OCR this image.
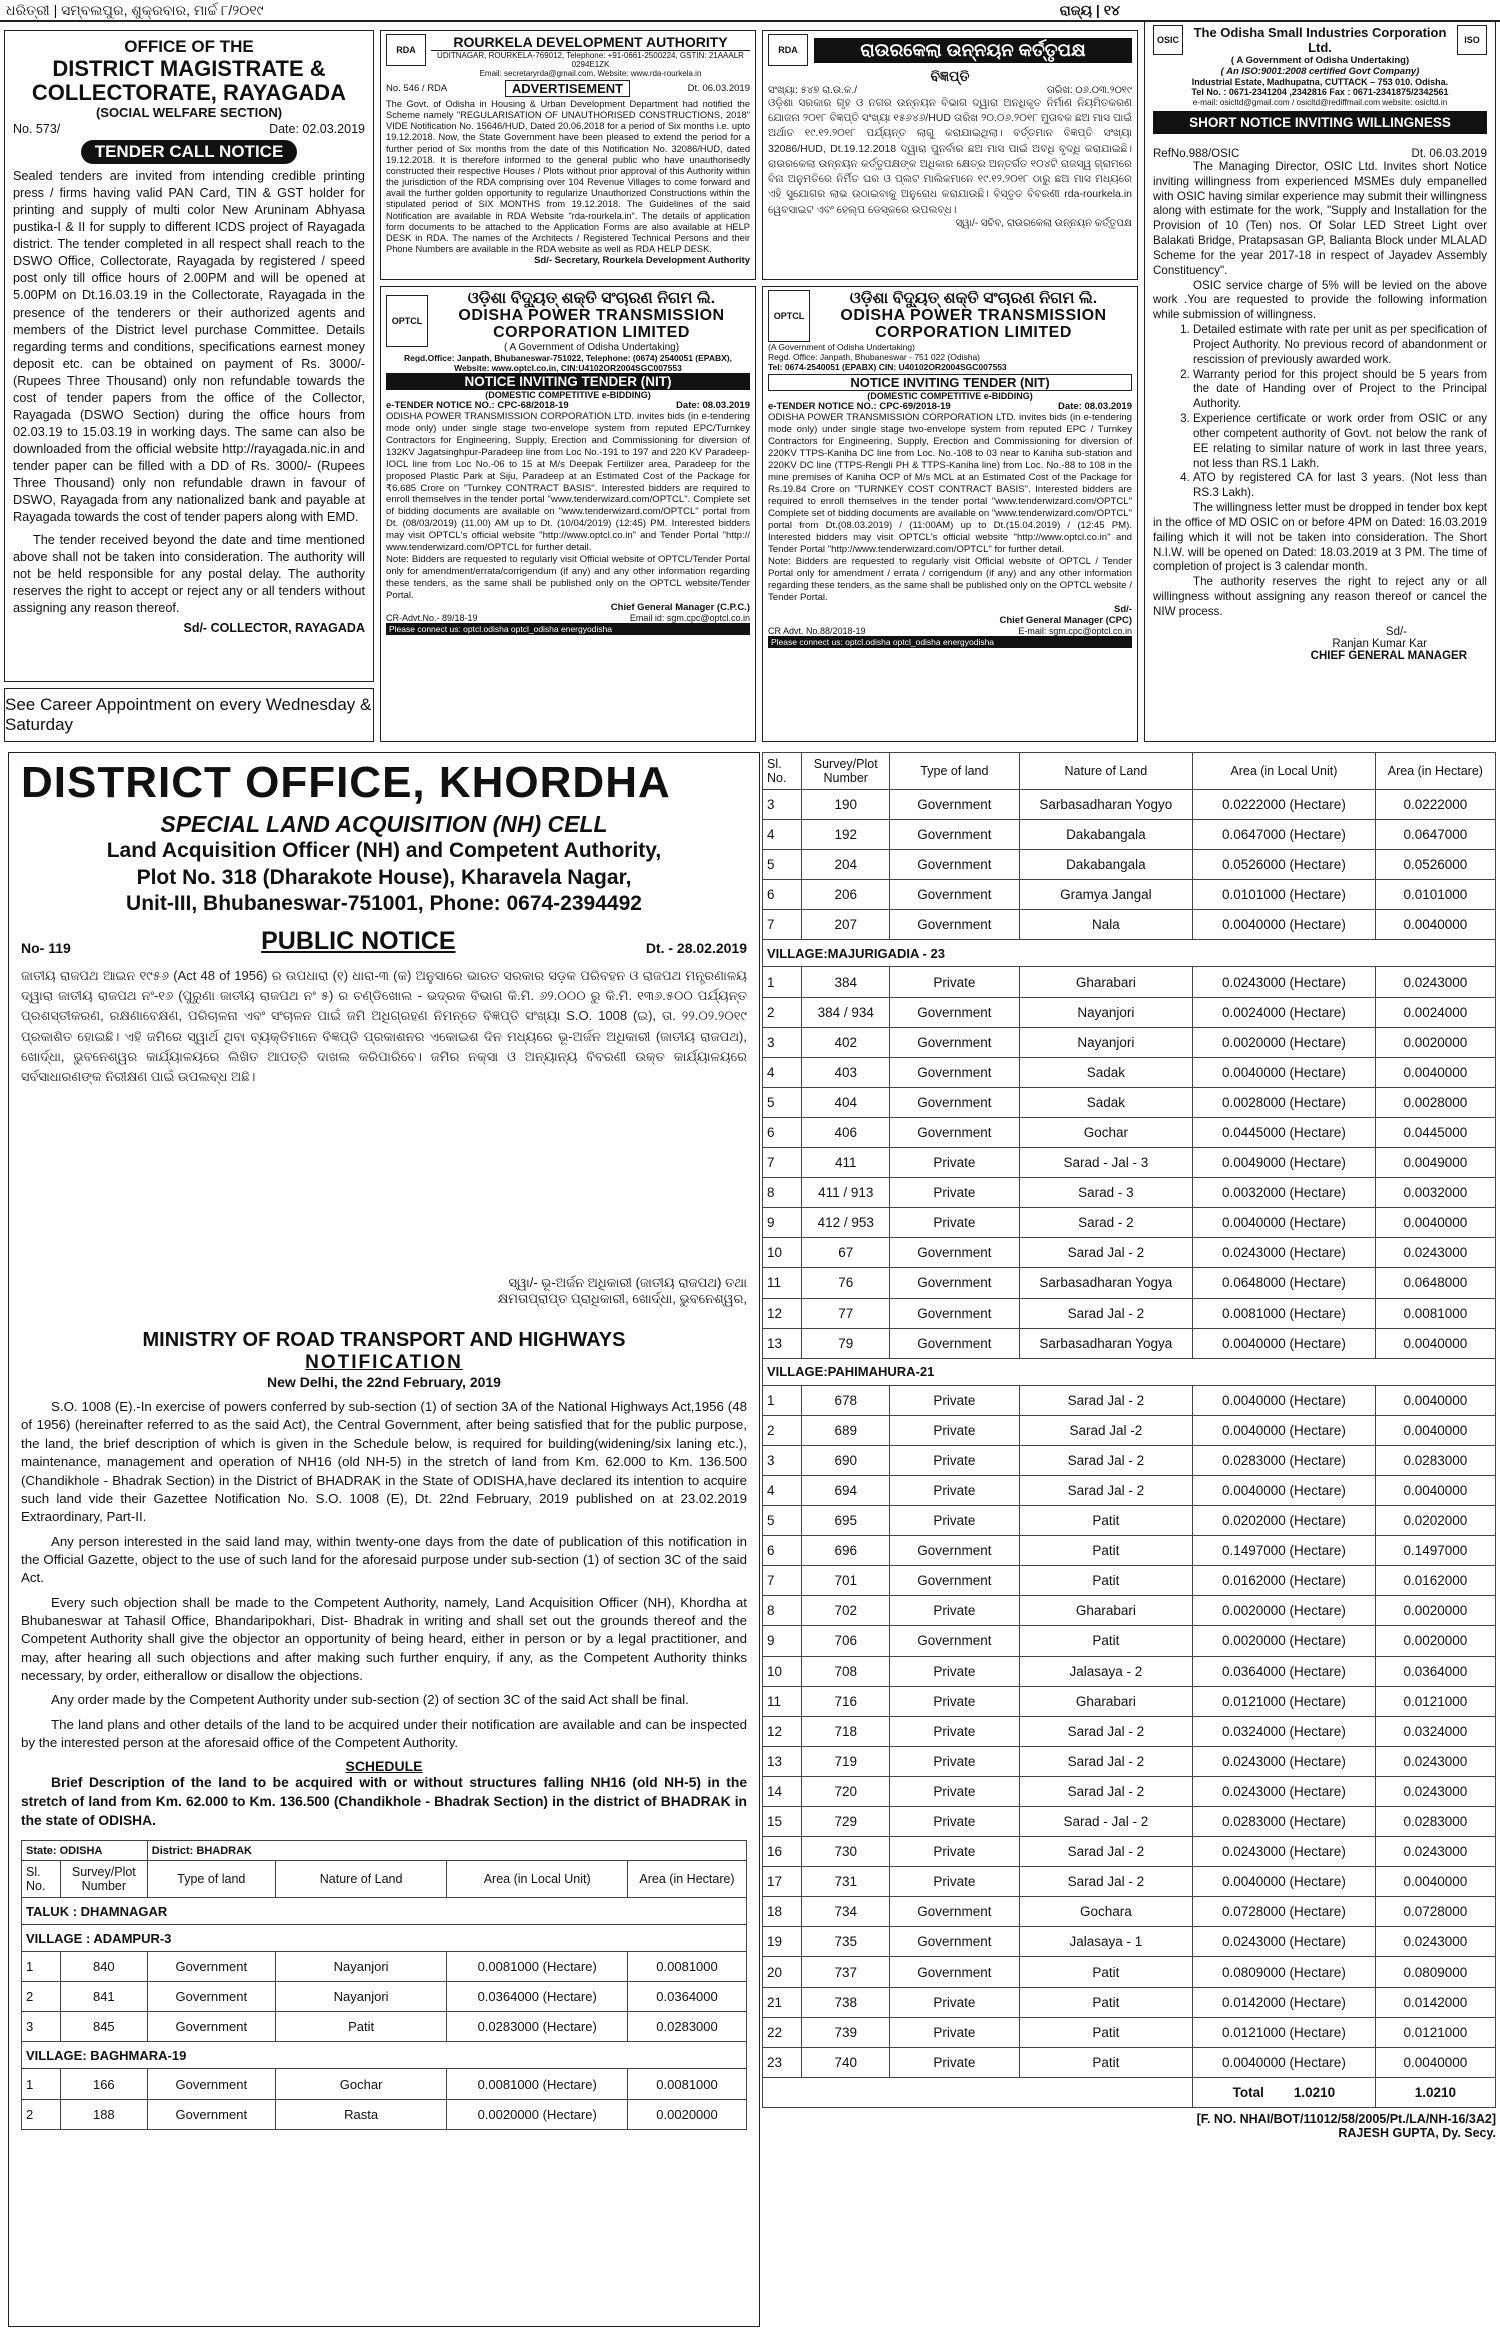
ଧରିତ୍ରୀ | ସମ୍ବଲପୁର, ଶୁକ୍ରବାର, ମାର୍ଚ୍ଚ ୮/୨୦୧୯	ରାଜ୍ୟ | ୧୪
OFFICE OF THE
DISTRICT MAGISTRATE &
COLLECTORATE, RAYAGADA
(SOCIAL WELFARE SECTION)
No. 573/	Date: 02.03.2019
TENDER CALL NOTICE

Sealed tenders are invited from intending credible printing press / firms having valid PAN Card, TIN & GST holder for printing and supply of multi color New Aruninam Abhyasa pustika-I & II for supply to different ICDS project of Rayagada district. The tender completed in all respect shall reach to the DSWO Office, Collectorate, Rayagada by registered / speed post only till office hours of 2.00PM and will be opened at 5.00PM on Dt.16.03.19 in the Collectorate, Rayagada in the presence of the tenderers or their authorized agents and members of the District level purchase Committee. Details regarding terms and conditions, specifications earnest money deposit etc. can be obtained on payment of Rs. 3000/- (Rupees Three Thousand) only non refundable towards the cost of tender papers from the office of the Collector, Rayagada (DSWO Section) during the office hours from 02.03.19 to 15.03.19 in working days. The same can also be downloaded from the official website http://rayagada.nic.in and tender paper can be filled with a DD of Rs. 3000/- (Rupees Three Thousand) only non refundable drawn in favour of DSWO, Rayagada from any nationalized bank and payable at Rayagada towards the cost of tender papers along with EMD.

The tender received beyond the date and time mentioned above shall not be taken into consideration. The authority will not be held responsible for any postal delay. The authority reserves the right to accept or reject any or all tenders without assigning any reason thereof.

Sd/- COLLECTOR, RAYAGADA
See Career Appointment on every Wednesday & Saturday
RDA	ROURKELA DEVELOPMENT AUTHORITY
UDITNAGAR, ROURKELA-769012, Telephone: +91-0661-2500224, GSTIN: 21AAALR 0294E1ZK
Email: secretaryrda@gmail.com, Website: www.rda-rourkela.in
No. 546 / RDA	ADVERTISEMENT	Dt. 06.03.2019

The Govt. of Odisha in Housing & Urban Development Department had notified the Scheme namely "REGULARISATION OF UNAUTHORISED CONSTRUCTIONS, 2018" VIDE Notification No. 15646/HUD, Dated 20.06.2018 for a period of Six months i.e. upto 19.12.2018. Now, the State Government have been pleased to extend the period for a further period of Six months from the date of this Notification No. 32086/HUD, dated 19.12.2018. It is therefore informed to the general public who have unauthorisedly constructed their respective Houses / Plots without prior approval of this Authority within the jurisdiction of the RDA comprising over 104 Revenue Villages to come forward and avail the further golden opportunity to regularize Unauthorized Constructions within the stipulated period of SIX MONTHS from 19.12.2018. The Guidelines of the said Notification are available in RDA Website "rda-rourkela.in". The details of application form documents to be attached to the Application Forms are also available at HELP DESK in RDA. The names of the Architects / Registered Technical Persons and their Phone Numbers are available in the RDA website as well as RDA HELP DESK.

Sd/- Secretary, Rourkela Development Authority
RDA	ରାଉରକେଲା ଉନ୍ନୟନ କର୍ତ୍ତୃପକ୍ଷ
ବିଜ୍ଞପ୍ତି
ସଂଖ୍ୟା: ୫୪୭ ରା.ଉ.କ./	ତାରିଖ: ୦୬.୦୩.୨୦୧୯

ଓଡ଼ିଶା ସରକାର ଗୃହ ଓ ନଗର ଉନ୍ନୟନ ବିଭାଗ ଦ୍ୱାରା ଅନଧିକୃତ ନିର୍ମାଣ ନିୟମିତକରଣ ଯୋଜନା ୨୦୧୮ ବିଜ୍ଞପ୍ତି ସଂଖ୍ୟା ୧୫୬୪୬/HUD ତାରିଖ ୨୦.୦୬.୨୦୧୮ ମୁତାବକ ଛଅ ମାସ ପାଇଁ ଅର୍ଥାତ ୧୯.୧୨.୨୦୧୮ ପର୍ଯ୍ୟନ୍ତ ଲାଗୁ କରାଯାଇଥିଲା। ବର୍ତ୍ତମାନ ବିଜ୍ଞପ୍ତି ସଂଖ୍ୟା 32086/HUD, Dt.19.12.2018 ଦ୍ୱାରା ପୁନର୍ବାର ଛଅ ମାସ ପାଇଁ ଅବଧି ବୃଦ୍ଧି କରାଯାଇଛି। ରାଉରକେଲା ଉନ୍ନୟନ କର୍ତ୍ତୃପକ୍ଷଙ୍କ ଅଧିକାର କ୍ଷେତ୍ର ଅନ୍ତର୍ଗତ ୧୦୪ଟି ରାଜସ୍ୱ ଗ୍ରାମରେ ବିନା ଅନୁମତିରେ ନିର୍ମିତ ଘର ଓ ପ୍ଲଟ ମାଲିକମାନେ ୧୯.୧୨.୨୦୧୮ ଠାରୁ ଛଅ ମାସ ମଧ୍ୟରେ ଏହି ସୁଯୋଗର ଲାଭ ଉଠାଇବାକୁ ଅନୁରୋଧ କରାଯାଉଛି। ବିସ୍ତୃତ ବିବରଣୀ rda-rourkela.in ୱେବସାଇଟ ଏବଂ ହେଲ୍ପ ଡେସ୍କରେ ଉପଲବ୍ଧ।

ସ୍ୱା/- ସଚିବ, ରାଉରକେଲା ଉନ୍ନୟନ କର୍ତ୍ତୃପକ୍ଷ
OPTCL
ଓଡ଼ିଶା ବିଦ୍ୟୁତ୍ ଶକ୍ତି ସଂଚାରଣ ନିଗମ ଲି.
ODISHA POWER TRANSMISSION
CORPORATION LIMITED
( A Government of Odisha Undertaking)
Regd.Office: Janpath, Bhubaneswar-751022, Telephone: (0674) 2540051 (EPABX),
Website: www.optcl.co.in, CIN:U4102OR2004SGC007553
NOTICE INVITING TENDER (NIT)
(DOMESTIC COMPETITIVE e-BIDDING)
e-TENDER NOTICE NO.: CPC-68/2018-19	Date: 08.03.2019

ODISHA POWER TRANSMISSION CORPORATION LTD. invites bids (in e-tendering mode only) under single stage two-envelope system from reputed EPC/Turnkey Contractors for Engineering, Supply, Erection and Commissioning for diversion of 132KV Jagatsinghpur-Paradeep line from Loc No.-191 to 197 and 220 KV Paradeep-IOCL line from Loc No.-06 to 15 at M/s Deepak Fertilizer area, Paradeep for the proposed Plastic Park at Siju, Paradeep at an Estimated Cost of the Package for ₹6.685 Crore on "Turnkey CONTRACT BASIS". Interested bidders are required to enroll themselves in the tender portal "www.tenderwizard.com/OPTCL". Complete set of bidding documents are available on "www.tenderwizard.com/OPTCL" portal from Dt. (08/03/2019) (11.00) AM up to Dt. (10/04/2019) (12:45) PM. Interested bidders may visit OPTCL's official website "http://www.optcl.co.in" and Tender Portal "http:// www.tenderwizard.com/OPTCL for further detail.

Note: Bidders are requested to regularly visit Official website of OPTCL/Tender Portal only for amendment/errata/corrigendum (if any) and any other information regarding these tenders, as the same shall be published only on the OPTCL website/Tender Portal.

Chief General Manager (C.P.C.)
CR-Advt.No.- 89/18-19	Email id: sgm.cpc@optcl.co.in
Please connect us: optcl.odisha optcl_odisha energyodisha
OPTCL
ଓଡ଼ିଶା ବିଦ୍ୟୁତ୍ ଶକ୍ତି ସଂଚାରଣ ନିଗମ ଲି.
ODISHA POWER TRANSMISSION
CORPORATION LIMITED
(A Government of Odisha Undertaking)
Regd. Office: Janpath, Bhubaneswar - 751 022 (Odisha)
Tel: 0674-2540051 (EPABX) CIN: U40102OR2004SGC007553
NOTICE INVITING TENDER (NIT)
(DOMESTIC COMPETITIVE e-BIDDING)
e-TENDER NOTICE NO.: CPC-69/2018-19	Date: 08.03.2019

ODISHA POWER TRANSMISSION CORPORATION LTD. invites bids (in e-tendering mode only) under single stage two-envelope system from reputed EPC / Turnkey Contractors for Engineering, Supply, Erection and Commissioning for diversion of 220KV TTPS-Kaniha DC line from Loc. No.-108 to 03 near to Kaniha sub-station and 220KV DC line (TTPS-Rengli PH & TTPS-Kaniha line) from Loc. No.-88 to 108 in the mine premises of Kaniha OCP of M/s MCL at an Estimated Cost of the Package for Rs.19.84 Crore on "TURNKEY COST CONTRACT BASIS". Interested bidders are required to enroll themselves in the tender portal "www.tenderwizard.com/OPTCL" Complete set of bidding documents are available on "www.tenderwizard.com/OPTCL" portal from Dt.(08.03.2019) / (11:00AM) up to Dt.(15.04.2019) / (12:45 PM). Interested bidders may visit OPTCL's official website "http://www.optcl.co.in" and Tender Portal "http://www.tenderwizard.com/OPTCL" for further detail.

Note: Bidders are requested to regularly visit Official website of OPTCL / Tender Portal only for amendment / errata / corrigendum (if any) and any other information regarding these tenders, as the same shall be published only on the OPTCL website / Tender Portal.

Sd/-
Chief General Manager (CPC)
CR Advt. No.88/2018-19	E-mail: sgm.cpc@optcl.co.in
Please connect us: optcl.odisha optcl_odisha energyodisha
OSIC	The Odisha Small Industries Corporation Ltd.
( A Government of Odisha Undertaking)
( An ISO:9001:2008 certified Govt Company)
ISO
Industrial Estate, Madhupatna, CUTTACK – 753 010. Odisha.
Tel No. : 0671-2341204 ,2342816 Fax : 0671-2341875/2342561
e-mail: osicltd@gmail.com / osicltd@rediffmail.com website: osicltd.in
SHORT NOTICE INVITING WILLINGNESS
RefNo.988/OSIC	Dt. 06.03.2019

The Managing Director, OSIC Ltd. Invites short Notice inviting willingness from experienced MSMEs duly empanelled with OSIC having similar experience may submit their willingness along with estimate for the work, "Supply and Installation for the Provision of 10 (Ten) nos. Of Solar LED Street Light over Balakati Bridge, Pratapsasan GP, Balianta Block under MLALAD Scheme for the year 2017-18 in respect of Jayadev Assembly Constituency".

OSIC service charge of 5% will be levied on the above work .You are requested to provide the following information while submission of willingness.

1. Detailed estimate with rate per unit as per specification of Project Authority. No previous record of abandonment or rescission of previously awarded work.
2. Warranty period for this project should be 5 years from the date of Handing over of Project to the Principal Authority.
3. Experience certificate or work order from OSIC or any other competent authority of Govt. not below the rank of EE relating to similar nature of work in last three years, not less than RS.1 Lakh.
4. ATO by registered CA for last 3 years. (Not less than RS.3 Lakh).

The willingness letter must be dropped in tender box kept in the office of MD OSIC on or before 4PM on Dated: 16.03.2019 failing which it will not be taken into consideration. The Short N.I.W. will be opened on Dated: 18.03.2019 at 3 PM. The time of completion of project is 3 calendar month.

The authority reserves the right to reject any or all willingness without assigning any reason thereof or cancel the NIW process.

Sd/-
Ranjan Kumar Kar
CHIEF GENERAL MANAGER
DISTRICT OFFICE, KHORDHA
SPECIAL LAND ACQUISITION (NH) CELL
Land Acquisition Officer (NH) and Competent Authority,
Plot No. 318 (Dharakote House), Kharavela Nagar,
Unit-III, Bhubaneswar-751001, Phone: 0674-2394492
No- 119	PUBLIC NOTICE	Dt. - 28.02.2019

ଜାତୀୟ ରାଜପଥ ଆଇନ ୧୯୫୬ (Act 48 of 1956) ର ଉପଧାରା (୧) ଧାରା-୩ (କ) ଅନୁସାରେ ଭାରତ ସରକାର ସଡ଼କ ପରିବହନ ଓ ରାଜପଥ ମନ୍ତ୍ରଣାଳୟ ଦ୍ୱାରା ଜାତୀୟ ରାଜପଥ ନଂ-୧୬ (ପୁରୁଣା ଜାତୀୟ ରାଜପଥ ନଂ ୫) ର ଚଣ୍ଡିଖୋଲ - ଭଦ୍ରକ ବିଭାଗ କି.ମି. ୬୨.୦୦୦ ରୁ କି.ମି. ୧୩୬.୫୦୦ ପର୍ଯ୍ୟନ୍ତ ପ୍ରଶସ୍ତୀକରଣ, ରକ୍ଷଣାବେକ୍ଷଣ, ପରିଚାଳନା ଏବଂ ସଂଚାଳନ ପାଇଁ ଜମି ଅଧିଗ୍ରହଣ ନିମନ୍ତେ ବିଜ୍ଞପ୍ତି ସଂଖ୍ୟା S.O. 1008 (ଇ), ତା. ୨୨.୦୨.୨୦୧୯ ପ୍ରକାଶିତ ହୋଇଛି। ଏହି ଜମିରେ ସ୍ୱାର୍ଥ ଥିବା ବ୍ୟକ୍ତିମାନେ ବିଜ୍ଞପ୍ତି ପ୍ରକାଶନର ଏକୋଇଶ ଦିନ ମଧ୍ୟରେ ଭୂ-ଅର୍ଜନ ଅଧିକାରୀ (ଜାତୀୟ ରାଜପଥ), ଖୋର୍ଦ୍ଧା, ଭୁବନେଶ୍ୱର କାର୍ଯ୍ୟାଳୟରେ ଲିଖିତ ଆପତ୍ତି ଦାଖଲ କରିପାରିବେ। ଜମିର ନକ୍ସା ଓ ଅନ୍ୟାନ୍ୟ ବିବରଣୀ ଉକ୍ତ କାର୍ଯ୍ୟାଳୟରେ ସର୍ବସାଧାରଣଙ୍କ ନିରୀକ୍ଷଣ ପାଇଁ ଉପଲବ୍ଧ ଅଛି।

ସ୍ୱା/- ଭୂ-ଅର୍ଜନ ଅଧିକାରୀ (ଜାତୀୟ ରାଜପଥ) ତଥା
କ୍ଷମତାପ୍ରାପ୍ତ ପ୍ରାଧିକାରୀ, ଖୋର୍ଦ୍ଧା, ଭୁବନେଶ୍ୱର,
MINISTRY OF ROAD TRANSPORT AND HIGHWAYS
NOTIFICATION
New Delhi, the 22nd February, 2019

S.O. 1008 (E).-In exercise of powers conferred by sub-section (1) of section 3A of the National Highways Act,1956 (48 of 1956) (hereinafter referred to as the said Act), the Central Government, after being satisfied that for the public purpose, the land, the brief description of which is given in the Schedule below, is required for building(widening/six laning etc.), maintenance, management and operation of NH16 (old NH-5) in the stretch of land from Km. 62.000 to Km. 136.500 (Chandikhole - Bhadrak Section) in the District of BHADRAK in the State of ODISHA,have declared its intention to acquire such land vide their Gazettee Notification No. S.O. 1008 (E), Dt. 22nd February, 2019 published on at 23.02.2019 Extraordinary, Part-II.

Any person interested in the said land may, within twenty-one days from the date of publication of this notification in the Official Gazette, object to the use of such land for the aforesaid purpose under sub-section (1) of section 3C of the said Act.

Every such objection shall be made to the Competent Authority, namely, Land Acquisition Officer (NH), Khordha at Bhubaneswar at Tahasil Office, Bhandaripokhari, Dist- Bhadrak in writing and shall set out the grounds thereof and the Competent Authority shall give the objector an opportunity of being heard, either in person or by a legal practitioner, and may, after hearing all such objections and after making such further enquiry, if any, as the Competent Authority thinks necessary, by order, eitherallow or disallow the objections.

Any order made by the Competent Authority under sub-section (2) of section 3C of the said Act shall be final.

The land plans and other details of the land to be acquired under their notification are available and can be inspected by the interested person at the aforesaid office of the Competent Authority.

SCHEDULE

Brief Description of the land to be acquired with or without structures falling NH16 (old NH-5) in the stretch of land from Km. 62.000 to Km. 136.500 (Chandikhole - Bhadrak Section) in the district of BHADRAK in the state of ODISHA.

State: ODISHA		District: BHADRAK			
Sl. No.	Survey/Plot Number	Type of land	Nature of Land	Area (in Local Unit)	Area (in Hectare)
TALUK : DHAMNAGAR					
VILLAGE : ADAMPUR-3					
1	840	Government	Nayanjori	0.0081000 (Hectare)	0.0081000
2	841	Government	Nayanjori	0.0364000 (Hectare)	0.0364000
3	845	Government	Patit	0.0283000 (Hectare)	0.0283000
VILLAGE: BAGHMARA-19					
1	166	Government	Gochar	0.0081000 (Hectare)	0.0081000
2	188	Government	Rasta	0.0020000 (Hectare)	0.0020000
Sl. No.	Survey/Plot Number	Type of land	Nature of Land	Area (in Local Unit)	Area (in Hectare)
3	190	Government	Sarbasadharan Yogyo	0.0222000 (Hectare)	0.0222000
4	192	Government	Dakabangala	0.0647000 (Hectare)	0.0647000
5	204	Government	Dakabangala	0.0526000 (Hectare)	0.0526000
6	206	Government	Gramya Jangal	0.0101000 (Hectare)	0.0101000
7	207	Government	Nala	0.0040000 (Hectare)	0.0040000
VILLAGE:MAJURIGADIA - 23					
1	384	Private	Gharabari	0.0243000 (Hectare)	0.0243000
2	384 / 934	Government	Nayanjori	0.0024000 (Hectare)	0.0024000
3	402	Government	Nayanjori	0.0020000 (Hectare)	0.0020000
4	403	Government	Sadak	0.0040000 (Hectare)	0.0040000
5	404	Government	Sadak	0.0028000 (Hectare)	0.0028000
6	406	Government	Gochar	0.0445000 (Hectare)	0.0445000
7	411	Private	Sarad - Jal - 3	0.0049000 (Hectare)	0.0049000
8	411 / 913	Private	Sarad - 3	0.0032000 (Hectare)	0.0032000
9	412 / 953	Private	Sarad - 2	0.0040000 (Hectare)	0.0040000
10	67	Government	Sarad Jal - 2	0.0243000 (Hectare)	0.0243000
11	76	Government	Sarbasadharan Yogya	0.0648000 (Hectare)	0.0648000
12	77	Government	Sarad Jal - 2	0.0081000 (Hectare)	0.0081000
13	79	Government	Sarbasadharan Yogya	0.0040000 (Hectare)	0.0040000
VILLAGE:PAHIMAHURA-21					
1	678	Private	Sarad Jal - 2	0.0040000 (Hectare)	0.0040000
2	689	Private	Sarad Jal -2	0.0040000 (Hectare)	0.0040000
3	690	Private	Sarad Jal - 2	0.0283000 (Hectare)	0.0283000
4	694	Private	Sarad Jal - 2	0.0040000 (Hectare)	0.0040000
5	695	Private	Patit	0.0202000 (Hectare)	0.0202000
6	696	Government	Patit	0.1497000 (Hectare)	0.1497000
7	701	Government	Patit	0.0162000 (Hectare)	0.0162000
8	702	Private	Gharabari	0.0020000 (Hectare)	0.0020000
9	706	Government	Patit	0.0020000 (Hectare)	0.0020000
10	708	Private	Jalasaya - 2	0.0364000 (Hectare)	0.0364000
11	716	Private	Gharabari	0.0121000 (Hectare)	0.0121000
12	718	Private	Sarad Jal - 2	0.0324000 (Hectare)	0.0324000
13	719	Private	Sarad Jal - 2	0.0243000 (Hectare)	0.0243000
14	720	Private	Sarad Jal - 2	0.0243000 (Hectare)	0.0243000
15	729	Private	Sarad - Jal - 2	0.0283000 (Hectare)	0.0283000
16	730	Private	Sarad Jal - 2	0.0243000 (Hectare)	0.0243000
17	731	Private	Sarad Jal - 2	0.0040000 (Hectare)	0.0040000
18	734	Government	Gochara	0.0728000 (Hectare)	0.0728000
19	735	Government	Jalasaya - 1	0.0243000 (Hectare)	0.0243000
20	737	Government	Patit	0.0809000 (Hectare)	0.0809000
21	738	Private	Patit	0.0142000 (Hectare)	0.0142000
22	739	Private	Patit	0.0121000 (Hectare)	0.0121000
23	740	Private	Patit	0.0040000 (Hectare)	0.0040000
				Total        1.0210	1.0210
[F. NO. NHAI/BOT/11012/58/2005/Pt./LA/NH-16/3A2]
RAJESH GUPTA, Dy. Secy.
